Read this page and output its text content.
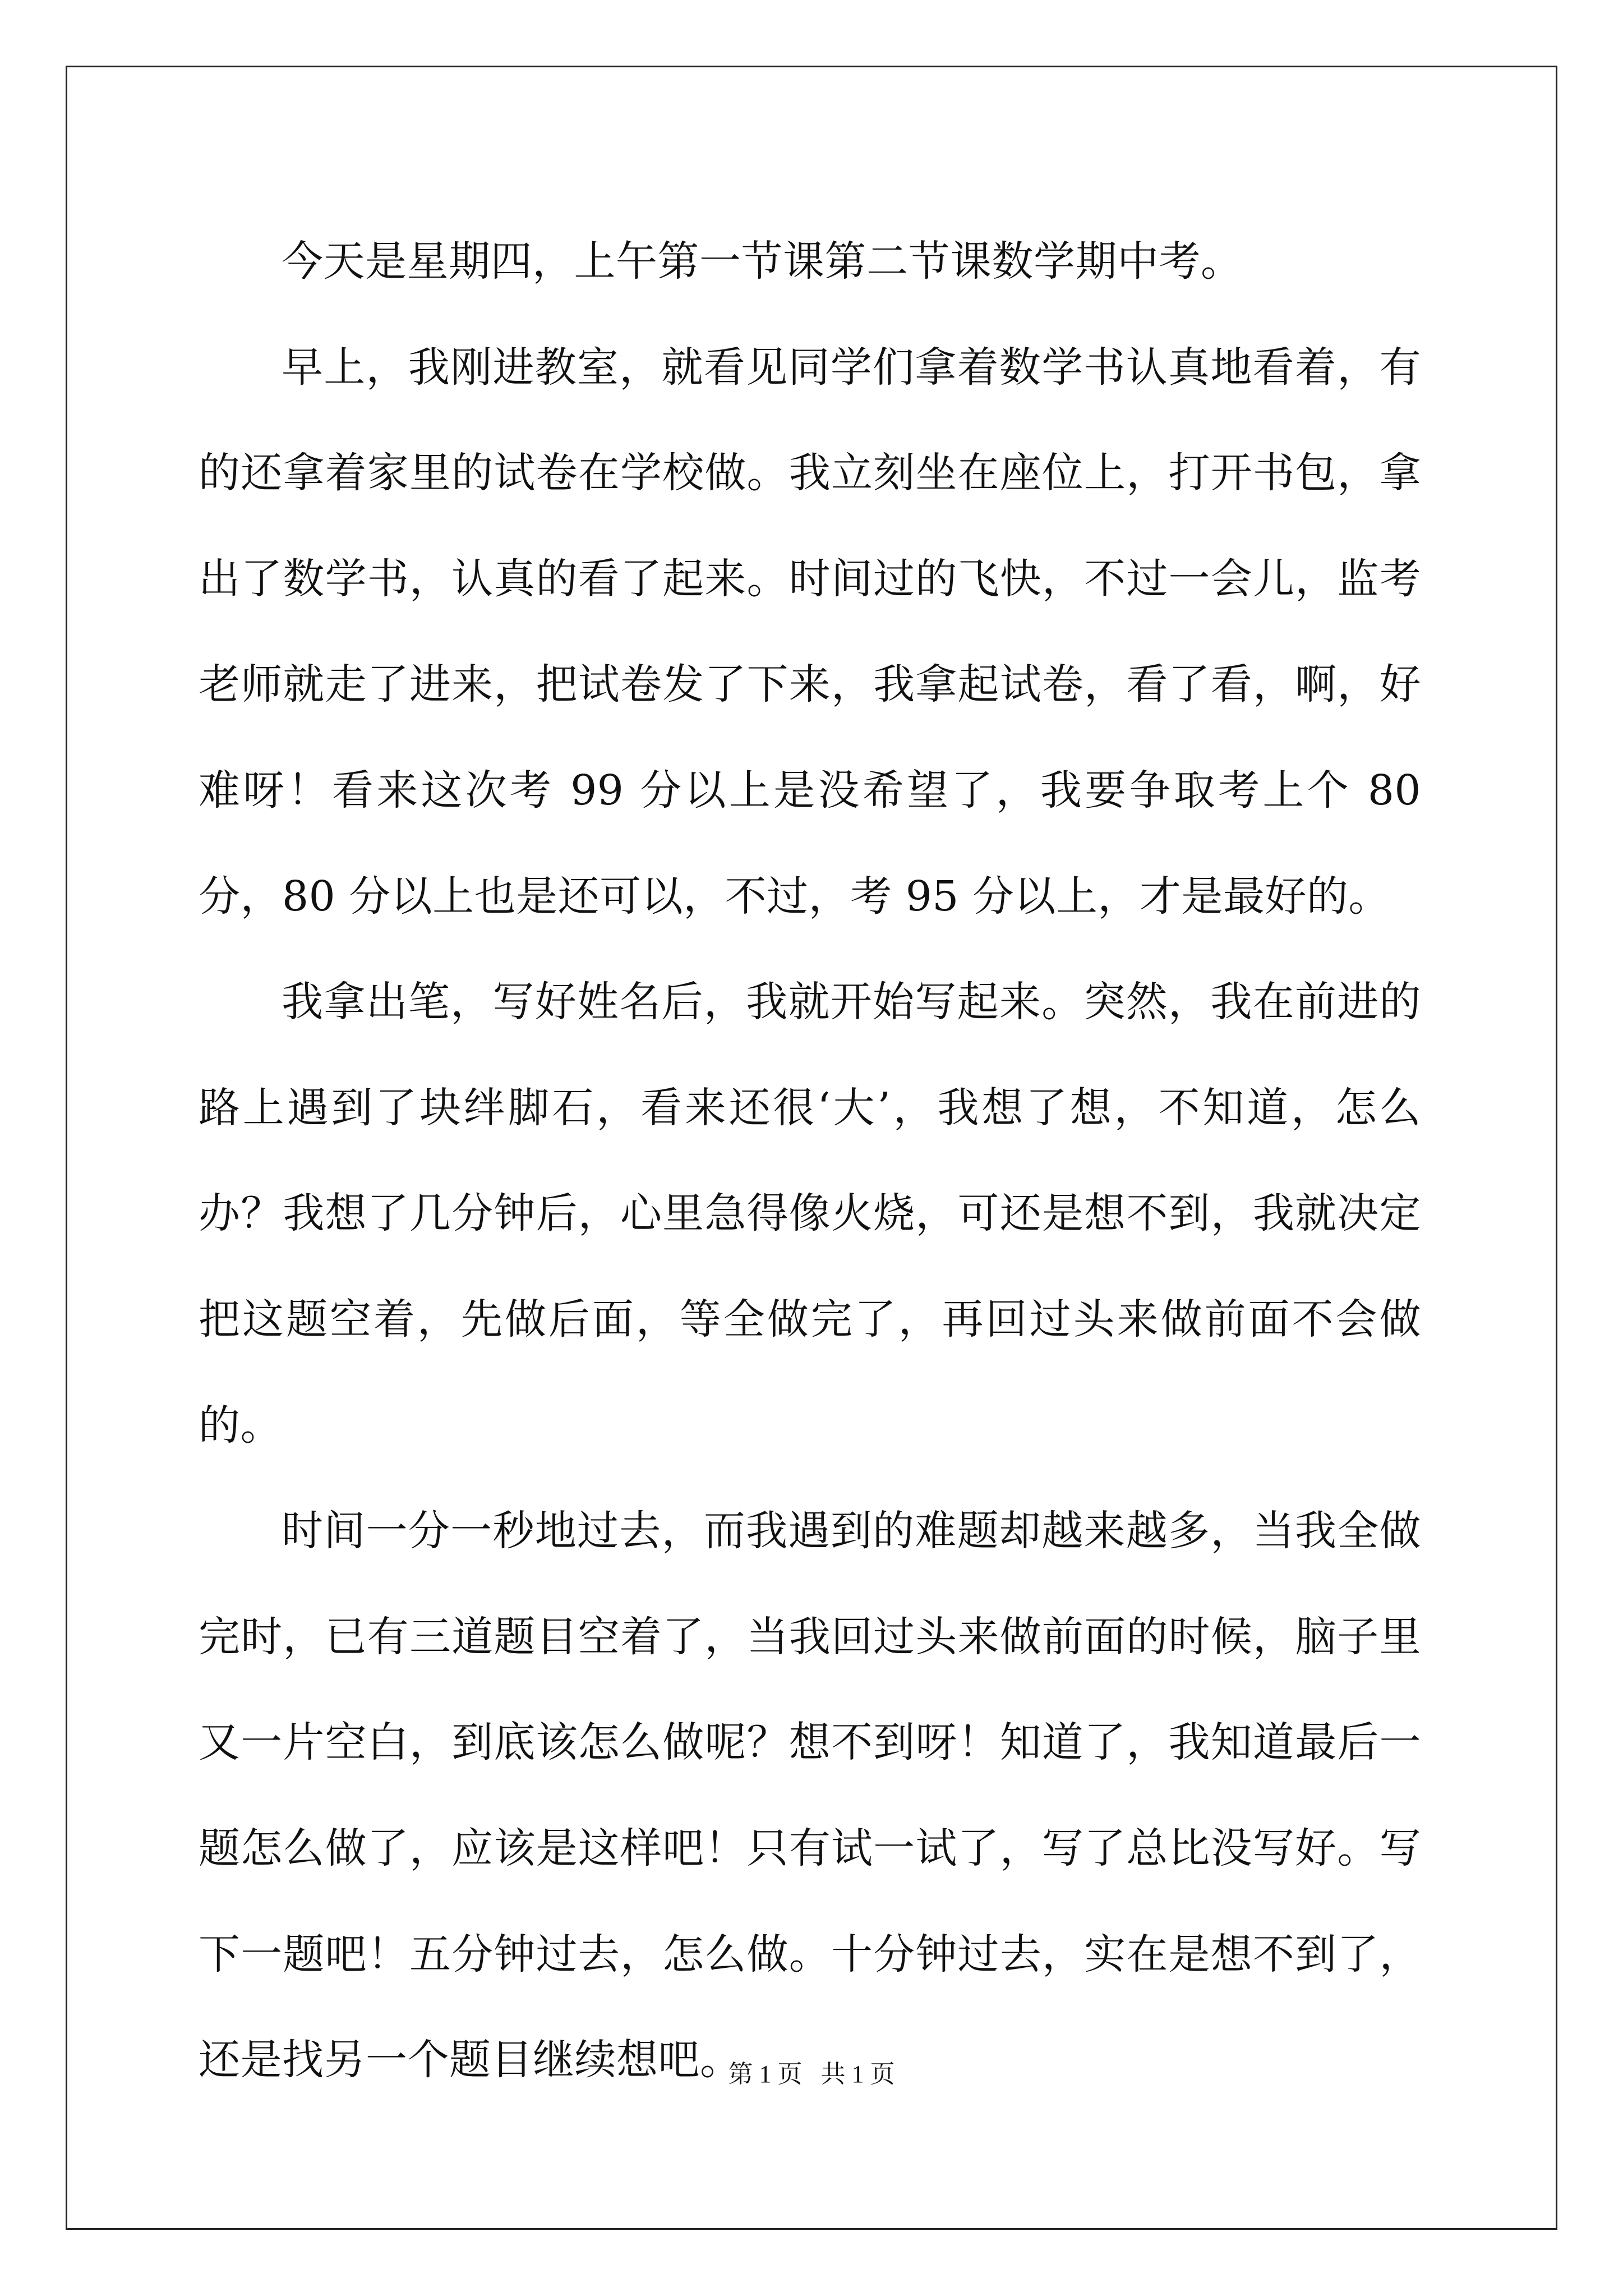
今天是星期四，上午第一节课第二节课数学期中考。

早上，我刚进教室，就看见同学们拿着数学书认真地看着，有的还拿着家里的试卷在学校做。我立刻坐在座位上，打开书包，拿出了数学书，认真的看了起来。时间过的飞快，不过一会儿，监考老师就走了进来，把试卷发了下来，我拿起试卷，看了看，啊，好难呀！看来这次考 99 分以上是没希望了，我要争取考上个 80 分，80 分以上也是还可以，不过，考 95 分以上，才是最好的。

我拿出笔，写好姓名后，我就开始写起来。突然，我在前进的路上遇到了块绊脚石，看来还很‘大’，我想了想，不知道，怎么办？我想了几分钟后，心里急得像火烧，可还是想不到，我就决定把这题空着，先做后面，等全做完了，再回过头来做前面不会做的。

时间一分一秒地过去，而我遇到的难题却越来越多，当我全做完时，已有三道题目空着了，当我回过头来做前面的时候，脑子里又一片空白，到底该怎么做呢？想不到呀！知道了，我知道最后一题怎么做了，应该是这样吧！只有试一试了，写了总比没写好。写下一题吧！五分钟过去，怎么做。十分钟过去，实在是想不到了，还是找另一个题目继续想吧。

第 1 页   共 1 页
